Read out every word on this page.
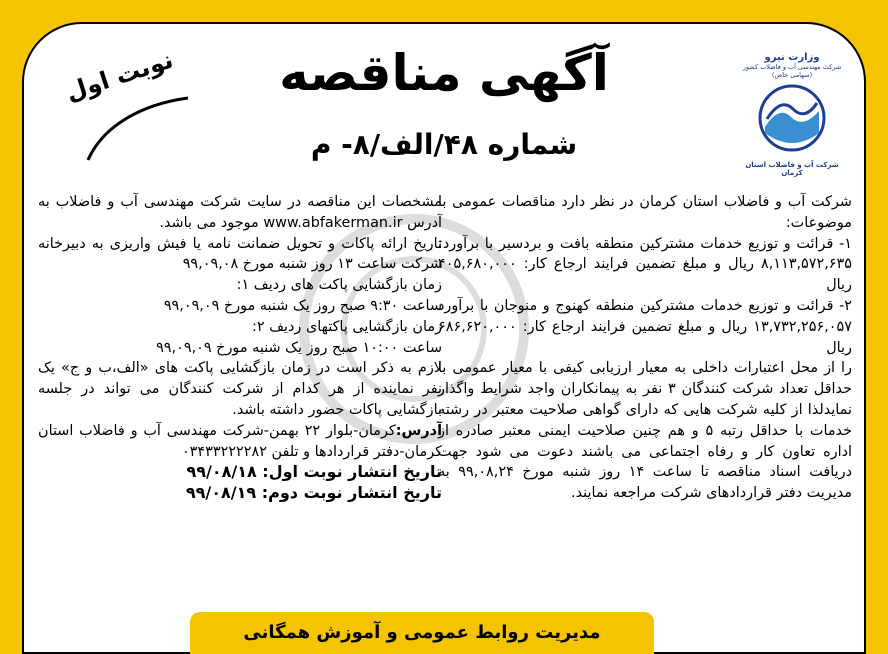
آگهی مناقصه
شماره ۴۸/الف/۸- م
نوبت اول	وزارت نیرو
شرکت مهندسی آب و فاضلاب کشور
(سهامی خاص)
شرکت آب و فاضلاب استان کرمان

شرکت آب و فاضلاب استان کرمان در نظر دارد مناقصات عمومی با موضوعات:

۱- قرائت و توزیع خدمات مشترکین منطقه بافت و بردسیر با برآورد: ۸,۱۱۳,۵۷۲,۶۳۵ ریال و مبلغ تضمین فرایند ارجاع کار: ۴۰۵,۶۸۰,۰۰۰ ریال

۲- قرائت و توزیع خدمات مشترکین منطقه کهنوج و منوجان با برآورد ۱۳,۷۳۲,۲۵۶,۰۵۷ ریال و مبلغ تضمین فرایند ارجاع کار: ۶۸۶,۶۲۰,۰۰۰ ریال

را از محل اعتبارات داخلی به معیار ارزیابی کیفی با معیار عمومی با حداقل تعداد شرکت کنندگان ۳ نفر به پیمانکاران واجد شرایط واگذار نمایدلذا از کلیه شرکت هایی که دارای گواهی صلاحیت معتبر در رشته خدمات با حداقل رتبه ۵ و هم چنین صلاحیت ایمنی معتبر صادره از اداره تعاون کار و رفاه اجتماعی می باشند دعوت می شود جهت دریافت اسناد مناقصه تا ساعت ۱۴ روز شنبه مورخ ۹۹,۰۸,۲۴ به مدیریت دفتر قراردادهای شرکت مراجعه نمایند.

مشخصات این مناقصه در سایت شرکت مهندسی آب و فاضلاب به آدرس www.abfakerman.ir موجود می باشد.

تاریخ ارائه پاکات و تحویل ضمانت نامه یا فیش واریزی به دبیرخانه شرکت ساعت ۱۳ روز شنبه مورخ ۹۹,۰۹,۰۸

زمان بازگشایی پاکت های ردیف ۱:

ساعت ۹:۳۰ صبح روز یک شنبه مورخ ۹۹,۰۹,۰۹

زمان بازگشایی پاکتهای ردیف ۲:

ساعت ۱۰:۰۰ صبح روز یک شنبه مورخ ۹۹,۰۹,۰۹

لازم به ذکر است در زمان بازگشایی پاکت های «الف،ب و ج» یک نفر نماینده از هر کدام از شرکت کنندگان می تواند در جلسه بازگشایی پاکات حضور داشته باشد.

آدرس:کرمان-بلوار ۲۲ بهمن-شرکت مهندسی آب و فاضلاب استان کرمان-دفتر قراردادها و تلفن ۰۳۴۳۳۲۲۲۲۸۲

تاریخ انتشار نوبت اول: ۹۹/۰۸/۱۸

تاریخ انتشار نوبت دوم: ۹۹/۰۸/۱۹

مدیریت روابط عمومی و آموزش همگانی
